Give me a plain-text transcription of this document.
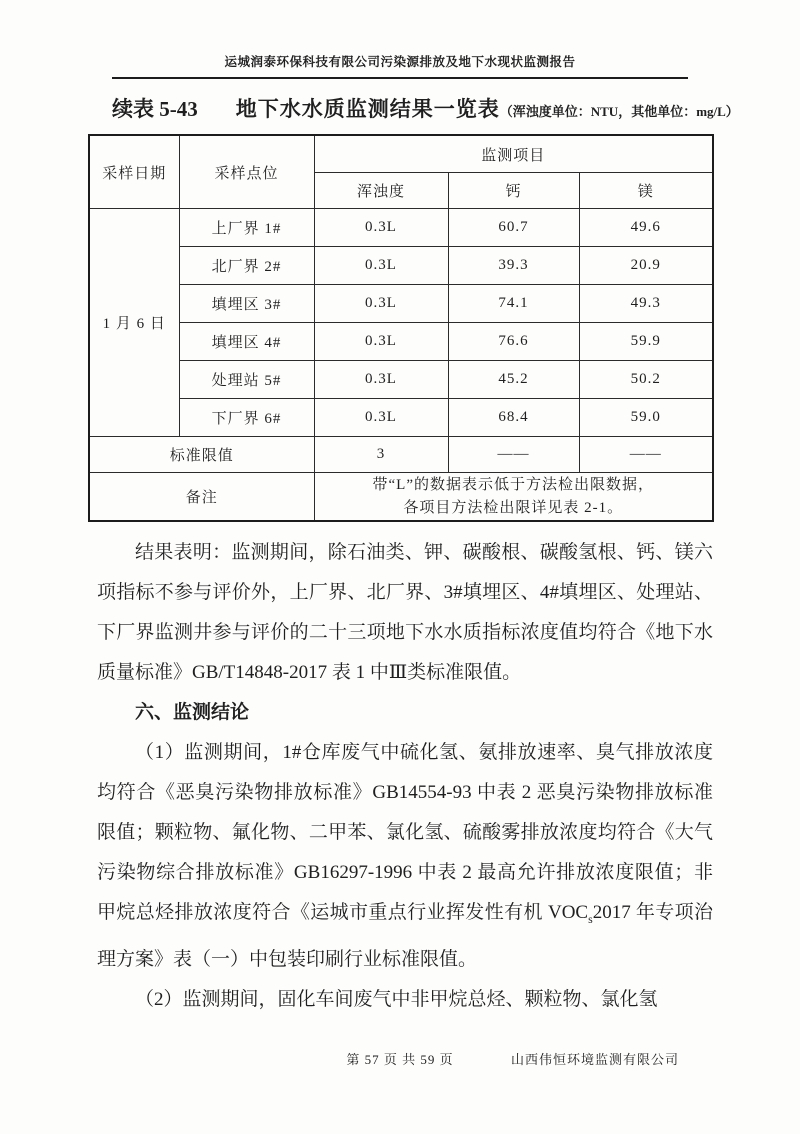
运城润泰环保科技有限公司污染源排放及地下水现状监测报告
续表 5-43 地下水水质监测结果一览表（浑浊度单位：NTU，其他单位：mg/L）
采样日期	采样点位	监测项目		
		浑浊度	钙	镁
1 月 6 日	上厂界 1#	0.3L	60.7	49.6
	北厂界 2#	0.3L	39.3	20.9
	填埋区 3#	0.3L	74.1	49.3
	填埋区 4#	0.3L	76.6	59.9
	处理站 5#	0.3L	45.2	50.2
	下厂界 6#	0.3L	68.4	59.0
标准限值		3	——	——
备注		带“L”的数据表示低于方法检出限数据，
各项目方法检出限详见表 2-1。		

结果表明：监测期间，除石油类、钾、碳酸根、碳酸氢根、钙、镁六项指标不参与评价外，上厂界、北厂界、3#填埋区、4#填埋区、处理站、下厂界监测井参与评价的二十三项地下水水质指标浓度值均符合《地下水质量标准》GB/T14848-2017 表 1 中Ⅲ类标准限值。

六、监测结论

（1）监测期间，1#仓库废气中硫化氢、氨排放速率、臭气排放浓度均符合《恶臭污染物排放标准》GB14554-93 中表 2 恶臭污染物排放标准限值；颗粒物、氟化物、二甲苯、氯化氢、硫酸雾排放浓度均符合《大气污染物综合排放标准》GB16297-1996 中表 2 最高允许排放浓度限值；非甲烷总烃排放浓度符合《运城市重点行业挥发性有机 $VOC_s2017$ 年专项治理方案》表（一）中包装印刷行业标准限值。

（2）监测期间，固化车间废气中非甲烷总烃、颗粒物、氯化氢

第 57 页 共 59 页	山西伟恒环境监测有限公司
